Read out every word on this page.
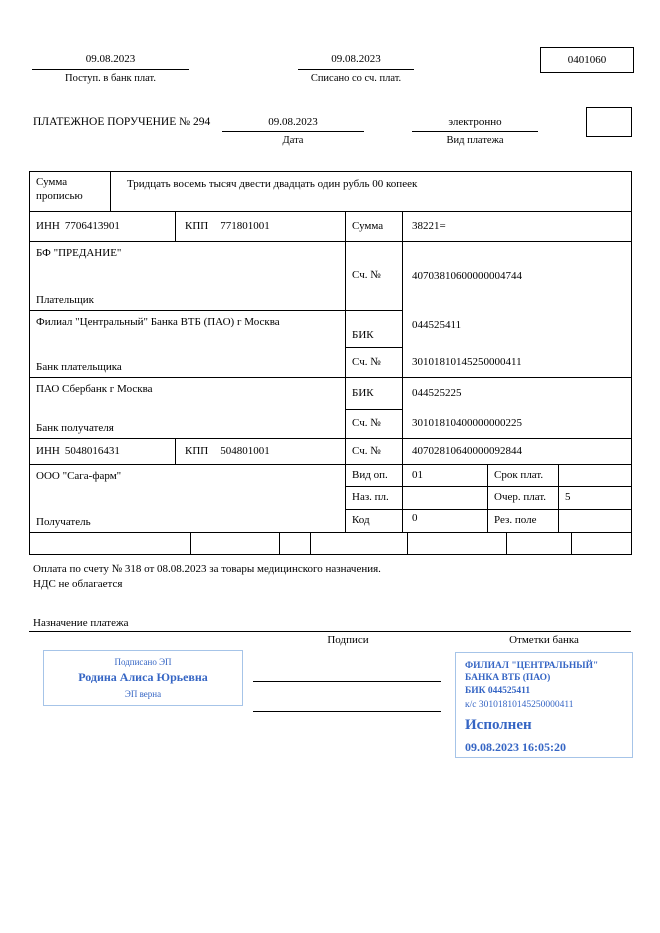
09.08.2023
Поступ. в банк плат.
09.08.2023
Списано со сч. плат.
0401060
ПЛАТЕЖНОЕ ПОРУЧЕНИЕ № 294	09.08.2023
Дата
электронно
Вид платежа
Сумма прописью
Тридцать восемь тысяч двести двадцать один рубль 00 копеек
ИНН 7706413901	КПП 771801001	Сумма	38221=
БФ "ПРЕДАНИЕ"
Плательщик
Сч. №	40703810600000004744
Филиал "Центральный" Банка ВТБ (ПАО) г Москва
Банк плательщика
БИК
044525411
Сч. №	30101810145250000411
ПАО Сбербанк г Москва
Банк получателя
БИК	044525225
Сч. №	30101810400000000225
ИНН 5048016431	КПП 504801001	Сч. №	40702810640000092844
ООО "Сага-фарм"
Получатель
Вид оп. 01	Срок плат.
Наз. пл.	Очер. плат. 5
Код	0	Рез. поле
Оплата по счету № 318 от 08.08.2023 за товары медицинского назначения.
НДС не облагается
Назначение платежа
Подписи	Отметки банка
Подписано ЭП
Родина Алиса Юрьевна
ЭП верна
ФИЛИАЛ "ЦЕНТРАЛЬНЫЙ" БАНКА ВТБ (ПАО)
БИК 044525411
к/с 30101810145250000411
Исполнен
09.08.2023 16:05:20
